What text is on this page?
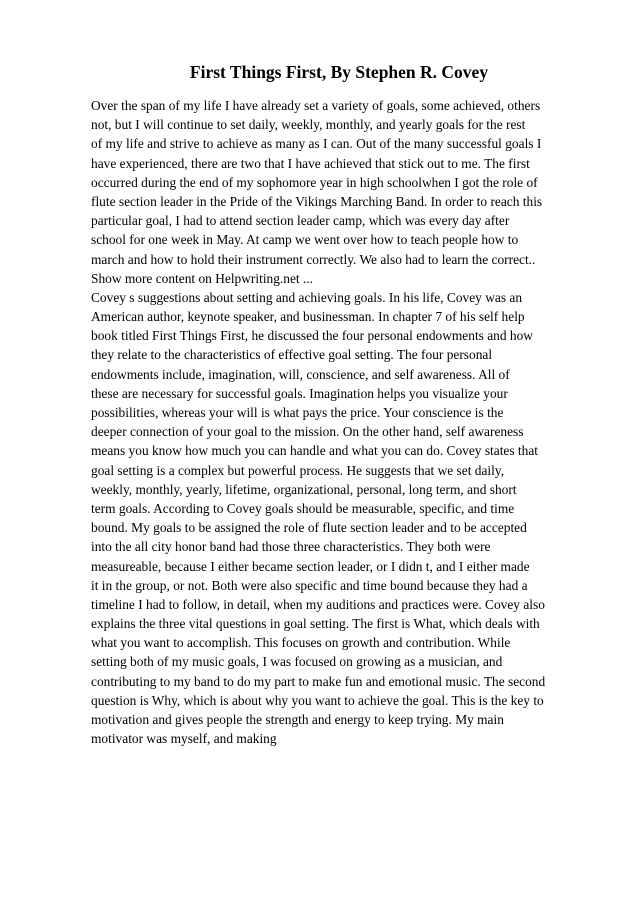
First Things First, By Stephen R. Covey
Over the span of my life I have already set a variety of goals, some achieved, others
not, but I will continue to set daily, weekly, monthly, and yearly goals for the rest
of my life and strive to achieve as many as I can. Out of the many successful goals I
have experienced, there are two that I have achieved that stick out to me. The first
occurred during the end of my sophomore year in high schoolwhen I got the role of
flute section leader in the Pride of the Vikings Marching Band. In order to reach this
particular goal, I had to attend section leader camp, which was every day after
school for one week in May. At camp we went over how to teach people how to
march and how to hold their instrument correctly. We also had to learn the correct..
Show more content on Helpwriting.net ...
Covey s suggestions about setting and achieving goals. In his life, Covey was an
American author, keynote speaker, and businessman. In chapter 7 of his self help
book titled First Things First, he discussed the four personal endowments and how
they relate to the characteristics of effective goal setting. The four personal
endowments include, imagination, will, conscience, and self awareness. All of
these are necessary for successful goals. Imagination helps you visualize your
possibilities, whereas your will is what pays the price. Your conscience is the
deeper connection of your goal to the mission. On the other hand, self awareness
means you know how much you can handle and what you can do. Covey states that
goal setting is a complex but powerful process. He suggests that we set daily,
weekly, monthly, yearly, lifetime, organizational, personal, long term, and short
term goals. According to Covey goals should be measurable, specific, and time
bound. My goals to be assigned the role of flute section leader and to be accepted
into the all city honor band had those three characteristics. They both were
measureable, because I either became section leader, or I didn t, and I either made
it in the group, or not. Both were also specific and time bound because they had a
timeline I had to follow, in detail, when my auditions and practices were. Covey also
explains the three vital questions in goal setting. The first is What, which deals with
what you want to accomplish. This focuses on growth and contribution. While
setting both of my music goals, I was focused on growing as a musician, and
contributing to my band to do my part to make fun and emotional music. The second
question is Why, which is about why you want to achieve the goal. This is the key to
motivation and gives people the strength and energy to keep trying. My main
motivator was myself, and making
